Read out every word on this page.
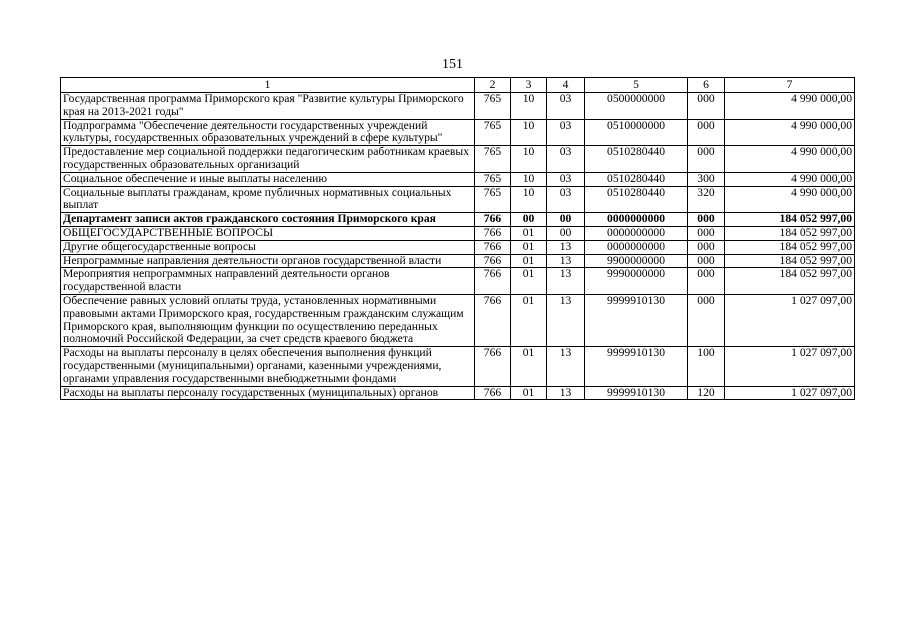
151
1	2	3	4	5	6	7
Государственная программа Приморского края "Развитие культуры Приморского края на 2013-2021 годы"	765	10	03	0500000000	000	4 990 000,00
Подпрограмма "Обеспечение деятельности государственных учреждений культуры, государственных образовательных учреждений в сфере культуры"	765	10	03	0510000000	000	4 990 000,00
Предоставление мер социальной поддержки педагогическим работникам краевых государственных образовательных организаций	765	10	03	0510280440	000	4 990 000,00
Социальное обеспечение и иные выплаты населению	765	10	03	0510280440	300	4 990 000,00
Социальные выплаты гражданам, кроме публичных нормативных социальных выплат	765	10	03	0510280440	320	4 990 000,00
Департамент записи актов гражданского состояния Приморского края	766	00	00	0000000000	000	184 052 997,00
ОБЩЕГОСУДАРСТВЕННЫЕ ВОПРОСЫ	766	01	00	0000000000	000	184 052 997,00
Другие общегосударственные вопросы	766	01	13	0000000000	000	184 052 997,00
Непрограммные направления деятельности органов государственной власти	766	01	13	9900000000	000	184 052 997,00
Мероприятия непрограммных направлений деятельности органов государственной власти	766	01	13	9990000000	000	184 052 997,00
Обеспечение равных условий оплаты труда, установленных нормативными правовыми актами Приморского края, государственным гражданским служащим Приморского края, выполняющим функции по осуществлению переданных полномочий Российской Федерации, за счет средств краевого бюджета	766	01	13	9999910130	000	1 027 097,00
Расходы на выплаты персоналу в целях обеспечения выполнения функций государственными (муниципальными) органами, казенными учреждениями, органами управления государственными внебюджетными фондами	766	01	13	9999910130	100	1 027 097,00
Расходы на выплаты персоналу государственных (муниципальных) органов	766	01	13	9999910130	120	1 027 097,00
